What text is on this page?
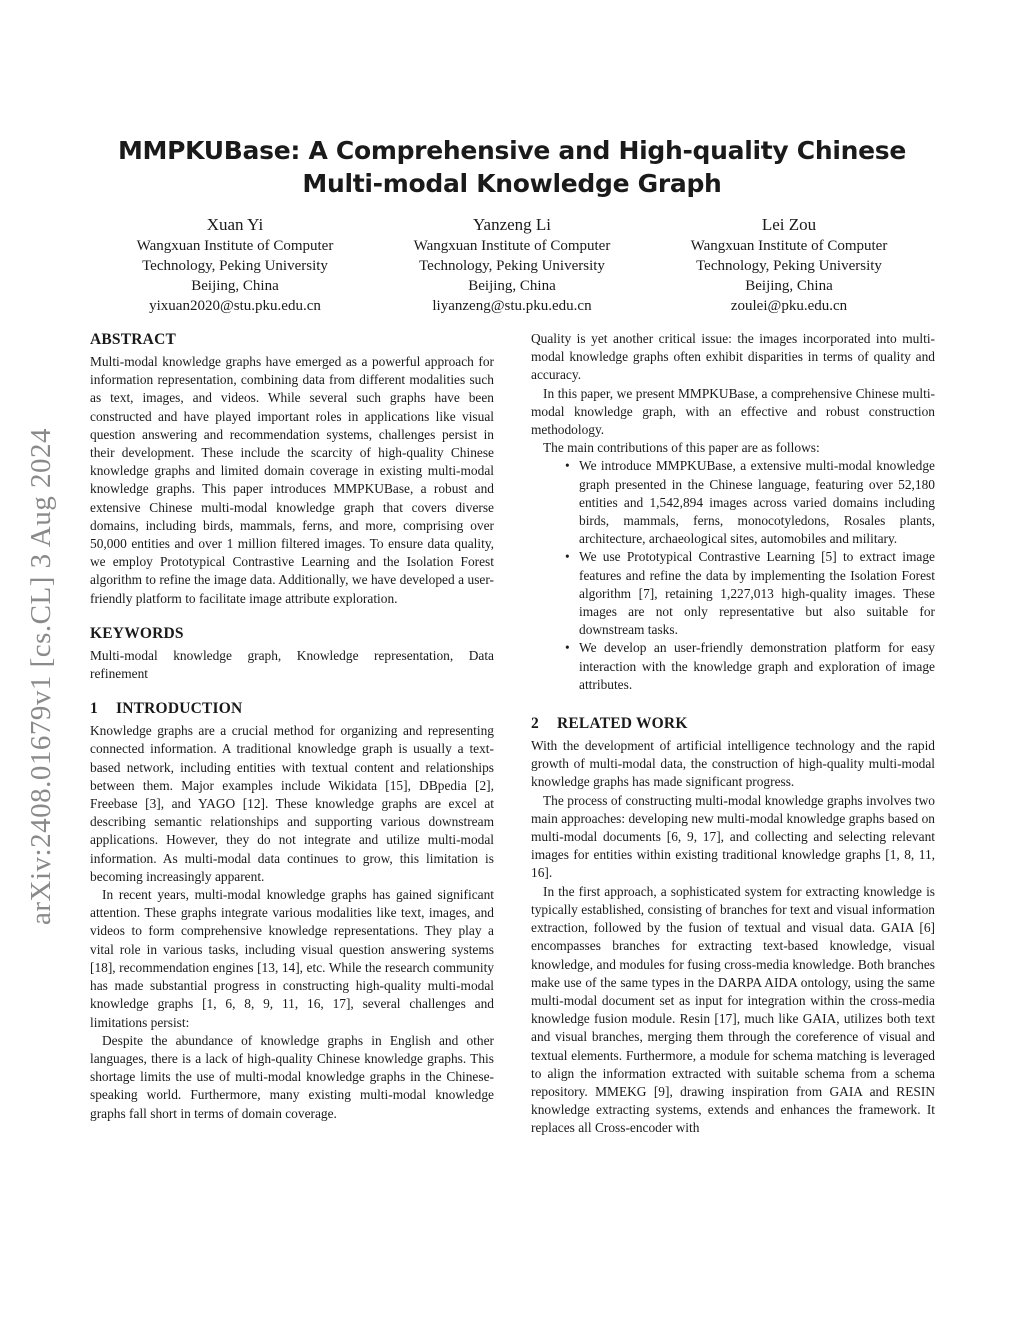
arXiv:2408.01679v1 [cs.CL] 3 Aug 2024
MMPKUBase: A Comprehensive and High-quality Chinese Multi-modal Knowledge Graph
Xuan Yi
Wangxuan Institute of Computer
Technology, Peking University
Beijing, China
yixuan2020@stu.pku.edu.cn
Yanzeng Li
Wangxuan Institute of Computer
Technology, Peking University
Beijing, China
liyanzeng@stu.pku.edu.cn
Lei Zou
Wangxuan Institute of Computer
Technology, Peking University
Beijing, China
zoulei@pku.edu.cn
ABSTRACT

Multi-modal knowledge graphs have emerged as a powerful approach for information representation, combining data from different modalities such as text, images, and videos. While several such graphs have been constructed and have played important roles in applications like visual question answering and recommendation systems, challenges persist in their development. These include the scarcity of high-quality Chinese knowledge graphs and limited domain coverage in existing multi-modal knowledge graphs. This paper introduces MMPKUBase, a robust and extensive Chinese multi-modal knowledge graph that covers diverse domains, including birds, mammals, ferns, and more, comprising over 50,000 entities and over 1 million filtered images. To ensure data quality, we employ Prototypical Contrastive Learning and the Isolation Forest algorithm to refine the image data. Additionally, we have developed a user-friendly platform to facilitate image attribute exploration.

KEYWORDS

Multi-modal knowledge graph, Knowledge representation, Data refinement

1 INTRODUCTION

Knowledge graphs are a crucial method for organizing and representing connected information. A traditional knowledge graph is usually a text-based network, including entities with textual content and relationships between them. Major examples include Wikidata [15], DBpedia [2], Freebase [3], and YAGO [12]. These knowledge graphs are excel at describing semantic relationships and supporting various downstream applications. However, they do not integrate and utilize multi-modal information. As multi-modal data continues to grow, this limitation is becoming increasingly apparent.

In recent years, multi-modal knowledge graphs has gained significant attention. These graphs integrate various modalities like text, images, and videos to form comprehensive knowledge representations. They play a vital role in various tasks, including visual question answering systems [18], recommendation engines [13, 14], etc. While the research community has made substantial progress in constructing high-quality multi-modal knowledge graphs [1, 6, 8, 9, 11, 16, 17], several challenges and limitations persist:

Despite the abundance of knowledge graphs in English and other languages, there is a lack of high-quality Chinese knowledge graphs. This shortage limits the use of multi-modal knowledge graphs in the Chinese-speaking world. Furthermore, many existing multi-modal knowledge graphs fall short in terms of domain coverage.

Quality is yet another critical issue: the images incorporated into multi-modal knowledge graphs often exhibit disparities in terms of quality and accuracy.

In this paper, we present MMPKUBase, a comprehensive Chinese multi-modal knowledge graph, with an effective and robust construction methodology.

The main contributions of this paper are as follows:

• We introduce MMPKUBase, a extensive multi-modal knowledge graph presented in the Chinese language, featuring over 52,180 entities and 1,542,894 images across varied domains including birds, mammals, ferns, monocotyledons, Rosales plants, architecture, archaeological sites, automobiles and military.
• We use Prototypical Contrastive Learning [5] to extract image features and refine the data by implementing the Isolation Forest algorithm [7], retaining 1,227,013 high-quality images. These images are not only representative but also suitable for downstream tasks.
• We develop an user-friendly demonstration platform for easy interaction with the knowledge graph and exploration of image attributes.
2 RELATED WORK

With the development of artificial intelligence technology and the rapid growth of multi-modal data, the construction of high-quality multi-modal knowledge graphs has made significant progress.

The process of constructing multi-modal knowledge graphs involves two main approaches: developing new multi-modal knowledge graphs based on multi-modal documents [6, 9, 17], and collecting and selecting relevant images for entities within existing traditional knowledge graphs [1, 8, 11, 16].

In the first approach, a sophisticated system for extracting knowledge is typically established, consisting of branches for text and visual information extraction, followed by the fusion of textual and visual data. GAIA [6] encompasses branches for extracting text-based knowledge, visual knowledge, and modules for fusing cross-media knowledge. Both branches make use of the same types in the DARPA AIDA ontology, using the same multi-modal document set as input for integration within the cross-media knowledge fusion module. Resin [17], much like GAIA, utilizes both text and visual branches, merging them through the coreference of visual and textual elements. Furthermore, a module for schema matching is leveraged to align the information extracted with suitable schema from a schema repository. MMEKG [9], drawing inspiration from GAIA and RESIN knowledge extracting systems, extends and enhances the framework. It replaces all Cross-encoder with
